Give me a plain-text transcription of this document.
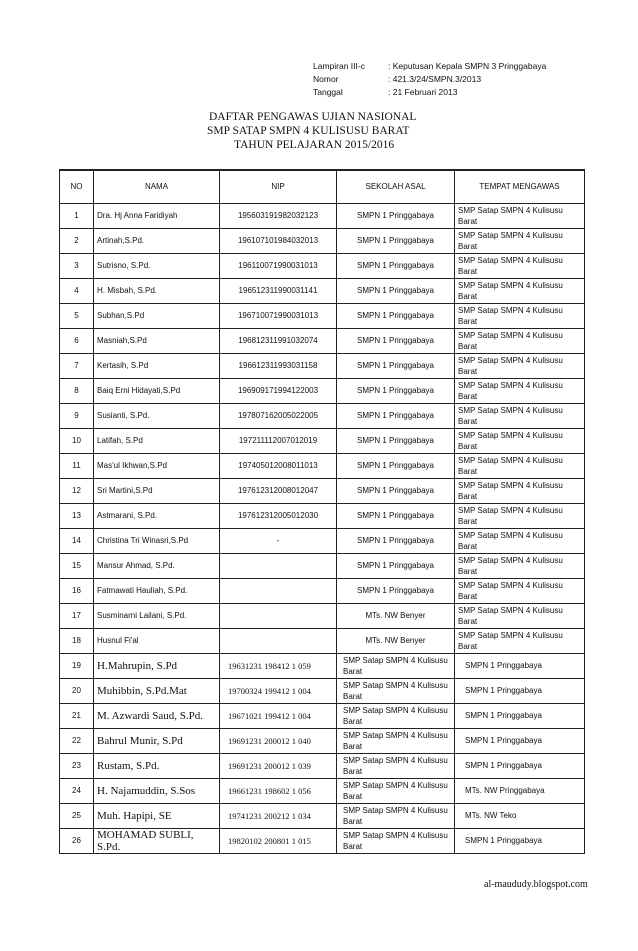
Lampiran III-c	: Keputusan Kepala SMPN 3 Pringgabaya
Nomor	: 421.3/24/SMPN.3/2013
Tanggal	: 21 Februari 2013
DAFTAR PENGAWAS UJIAN NASIONAL
SMP SATAP SMPN 4 KULISUSU BARAT
TAHUN PELAJARAN 2015/2016
NO	NAMA	NIP	SEKOLAH ASAL	TEMPAT MENGAWAS
1	Dra. Hj Anna Faridiyah	195603191982032123	SMPN 1 Pringgabaya	SMP Satap SMPN 4 Kulisusu Barat
2	Artinah,S.Pd.	196107101984032013	SMPN 1 Pringgabaya	SMP Satap SMPN 4 Kulisusu Barat
3	Sutrisno, S.Pd.	196110071990031013	SMPN 1 Pringgabaya	SMP Satap SMPN 4 Kulisusu Barat
4	H. Misbah, S.Pd.	196512311990031141	SMPN 1 Pringgabaya	SMP Satap SMPN 4 Kulisusu Barat
5	Subhan,S.Pd	196710071990031013	SMPN 1 Pringgabaya	SMP Satap SMPN 4 Kulisusu Barat
6	Masniah,S.Pd	196812311991032074	SMPN 1 Pringgabaya	SMP Satap SMPN 4 Kulisusu Barat
7	Kertasih, S.Pd	196612311993031158	SMPN 1 Pringgabaya	SMP Satap SMPN 4 Kulisusu Barat
8	Baiq Erni Hidayati,S.Pd	196909171994122003	SMPN 1 Pringgabaya	SMP Satap SMPN 4 Kulisusu Barat
9	Susianti, S.Pd.	197807162005022005	SMPN 1 Pringgabaya	SMP Satap SMPN 4 Kulisusu Barat
10	Latifah, S.Pd	197211112007012019	SMPN 1 Pringgabaya	SMP Satap SMPN 4 Kulisusu Barat
11	Mas'ul Ikhwan,S.Pd	197405012008011013	SMPN 1 Pringgabaya	SMP Satap SMPN 4 Kulisusu Barat
12	Sri Martini,S.Pd	197612312008012047	SMPN 1 Pringgabaya	SMP Satap SMPN 4 Kulisusu Barat
13	Astmarani, S.Pd.	197612312005012030	SMPN 1 Pringgabaya	SMP Satap SMPN 4 Kulisusu Barat
14	Christina Tri Winasri,S.Pd	-	SMPN 1 Pringgabaya	SMP Satap SMPN 4 Kulisusu Barat
15	Mansur Ahmad, S.Pd.		SMPN 1 Pringgabaya	SMP Satap SMPN 4 Kulisusu Barat
16	Fatmawati Hauliah, S.Pd.		SMPN 1 Pringgabaya	SMP Satap SMPN 4 Kulisusu Barat
17	Susminarni Lailani, S.Pd.		MTs. NW Benyer	SMP Satap SMPN 4 Kulisusu Barat
18	Husnul Fi'al		MTs. NW Benyer	SMP Satap SMPN 4 Kulisusu Barat
19	H.Mahrupin, S.Pd	19631231 198412 1 059	SMP Satap SMPN 4 Kulisusu Barat	SMPN 1 Pringgabaya
20	Muhibbin, S.Pd.Mat	19700324 199412 1 004	SMP Satap SMPN 4 Kulisusu Barat	SMPN 1 Pringgabaya
21	M. Azwardi Saud, S.Pd.	19671021 199412 1 004	SMP Satap SMPN 4 Kulisusu Barat	SMPN 1 Pringgabaya
22	Bahrul Munir, S.Pd	19691231 200012 1 040	SMP Satap SMPN 4 Kulisusu Barat	SMPN 1 Pringgabaya
23	Rustam, S.Pd.	19691231 200012 1 039	SMP Satap SMPN 4 Kulisusu Barat	SMPN 1 Pringgabaya
24	H. Najamuddin, S.Sos	19661231 198602 1 056	SMP Satap SMPN 4 Kulisusu Barat	MTs. NW Pringgabaya
25	Muh. Hapipi, SE	19741231 200212 1 034	SMP Satap SMPN 4 Kulisusu Barat	MTs. NW Teko
26	MOHAMAD SUBLI, S.Pd.	19820102 200801 1 015	SMP Satap SMPN 4 Kulisusu Barat	SMPN 1 Pringgabaya
al-maududy.blogspot.com
